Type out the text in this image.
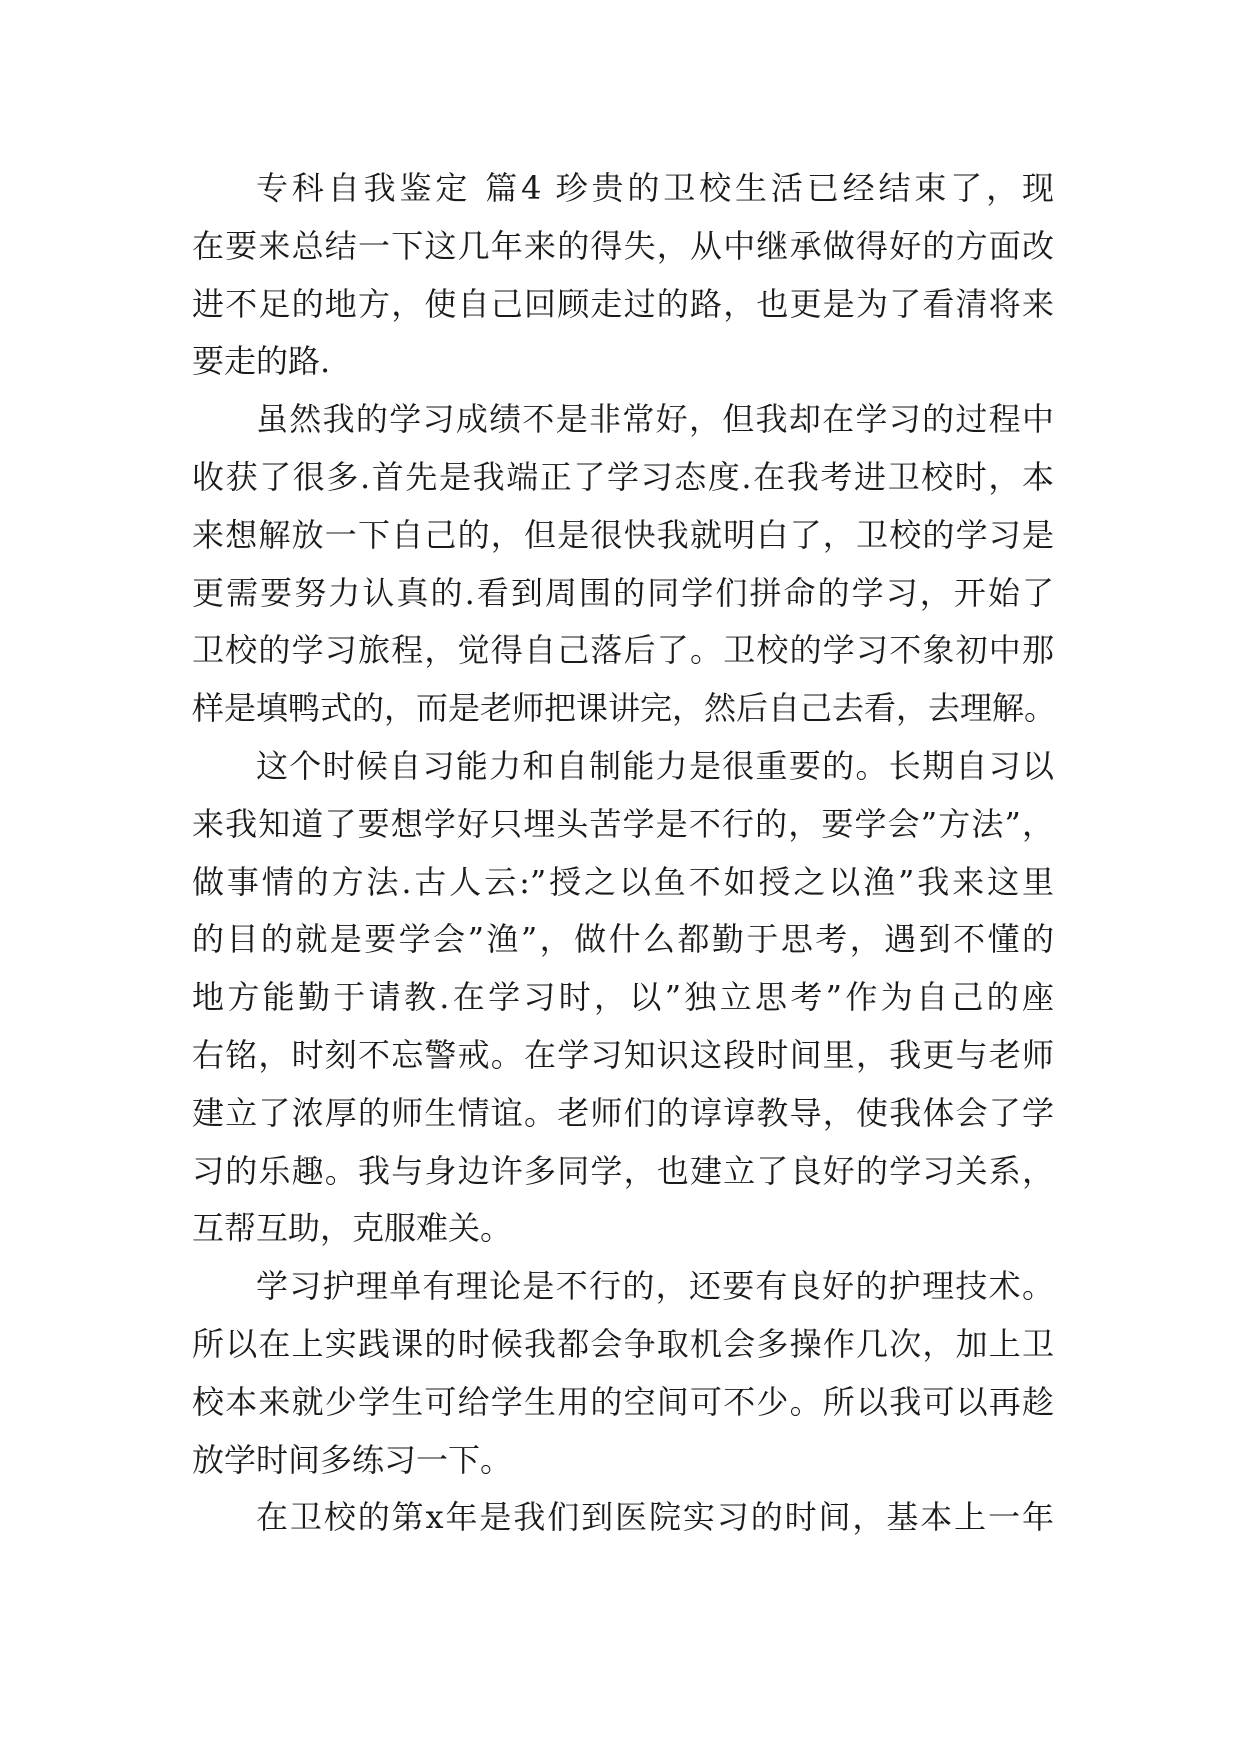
专科自我鉴定 篇4 珍贵的卫校生活已经结束了，现
在要来总结一下这几年来的得失，从中继承做得好的方面改
进不足的地方，使自己回顾走过的路，也更是为了看清将来
要走的路.
虽然我的学习成绩不是非常好，但我却在学习的过程中
收获了很多.首先是我端正了学习态度.在我考进卫校时，本
来想解放一下自己的，但是很快我就明白了，卫校的学习是
更需要努力认真的.看到周围的同学们拼命的学习，开始了
卫校的学习旅程，觉得自己落后了。卫校的学习不象初中那
样是填鸭式的，而是老师把课讲完，然后自己去看，去理解。
这个时候自习能力和自制能力是很重要的。长期自习以
来我知道了要想学好只埋头苦学是不行的，要学会”方法”，
做事情的方法.古人云:”授之以鱼不如授之以渔”我来这里
的目的就是要学会”渔”，做什么都勤于思考，遇到不懂的
地方能勤于请教.在学习时，以”独立思考”作为自己的座
右铭，时刻不忘警戒。在学习知识这段时间里，我更与老师
建立了浓厚的师生情谊。老师们的谆谆教导，使我体会了学
习的乐趣。我与身边许多同学，也建立了良好的学习关系，
互帮互助，克服难关。
学习护理单有理论是不行的，还要有良好的护理技术。
所以在上实践课的时候我都会争取机会多操作几次，加上卫
校本来就少学生可给学生用的空间可不少。所以我可以再趁
放学时间多练习一下。
在卫校的第x年是我们到医院实习的时间，基本上一年
